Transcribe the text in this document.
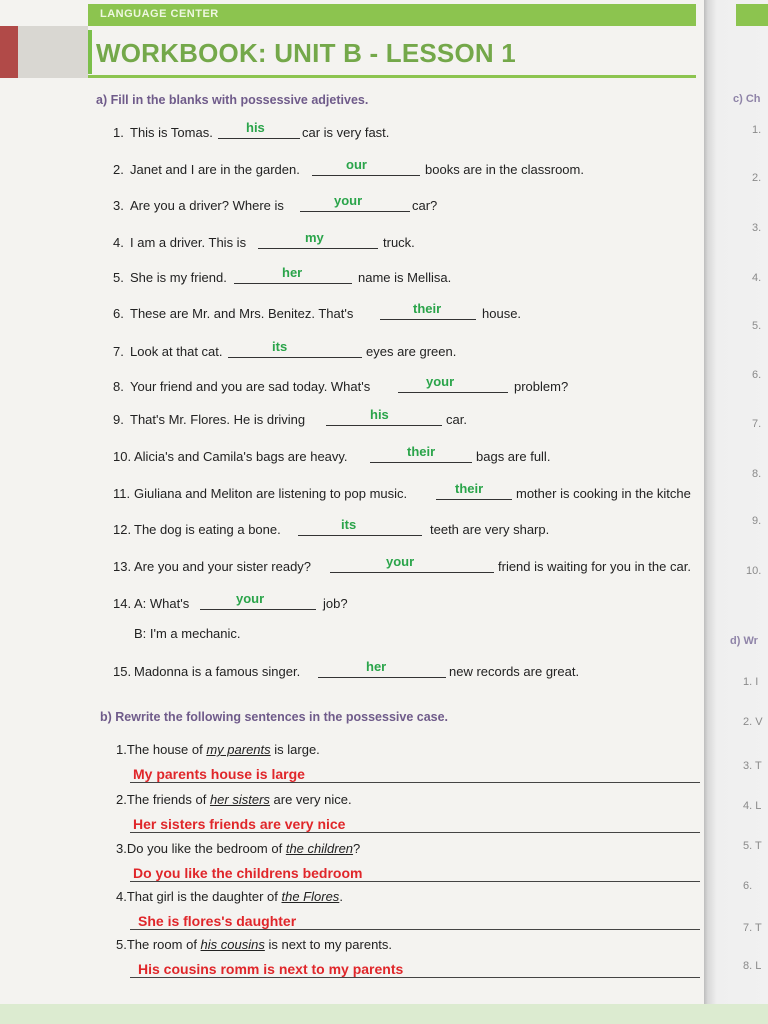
LANGUAGE CENTER
WORKBOOK: UNIT B - LESSON 1
a) Fill in the blanks with possessive adjetives.
1. This is Tomas.	his	car is very fast.
2. Janet and I are in the garden.	our	books are in the classroom.
3. Are you a driver? Where is	your	car?
4. I am a driver. This is	my	truck.
5. She is my friend.	her	name is Mellisa.
6. These are Mr. and Mrs. Benitez. That's	their	house.
7. Look at that cat.	its	eyes are green.
8. Your friend and you are sad today. What's	your	problem?
9. That's Mr. Flores. He is driving	his	car.
10. Alicia's and Camila's bags are heavy.	their	bags are full.
11. Giuliana and Meliton are listening to pop music.	their	mother is cooking in the kitche
12. The dog is eating a bone.	its	teeth are very sharp.
13. Are you and your sister ready?	your	friend is waiting for you in the car.
14. A: What's	your	job?
15. Madonna is a famous singer.	her	new records are great.
B: I'm a mechanic.
b) Rewrite the following sentences in the possessive case.
1.The house of my parents is large.
My parents house is large
2.The friends of her sisters are very nice.
Her sisters friends are very nice
3.Do you like the bedroom of the children?
Do you like the childrens bedroom
4.That girl is the daughter of the Flores.
She is flores's daughter
5.The room of his cousins is next to my parents.
His cousins romm is next to my parents
c) Ch
1.
2.
3.
4.
5.
6.
7.
8.
9.
10.
d) Wr
1. I
2. V
3. T
4. L
5. T
6.
7. T
8. L
